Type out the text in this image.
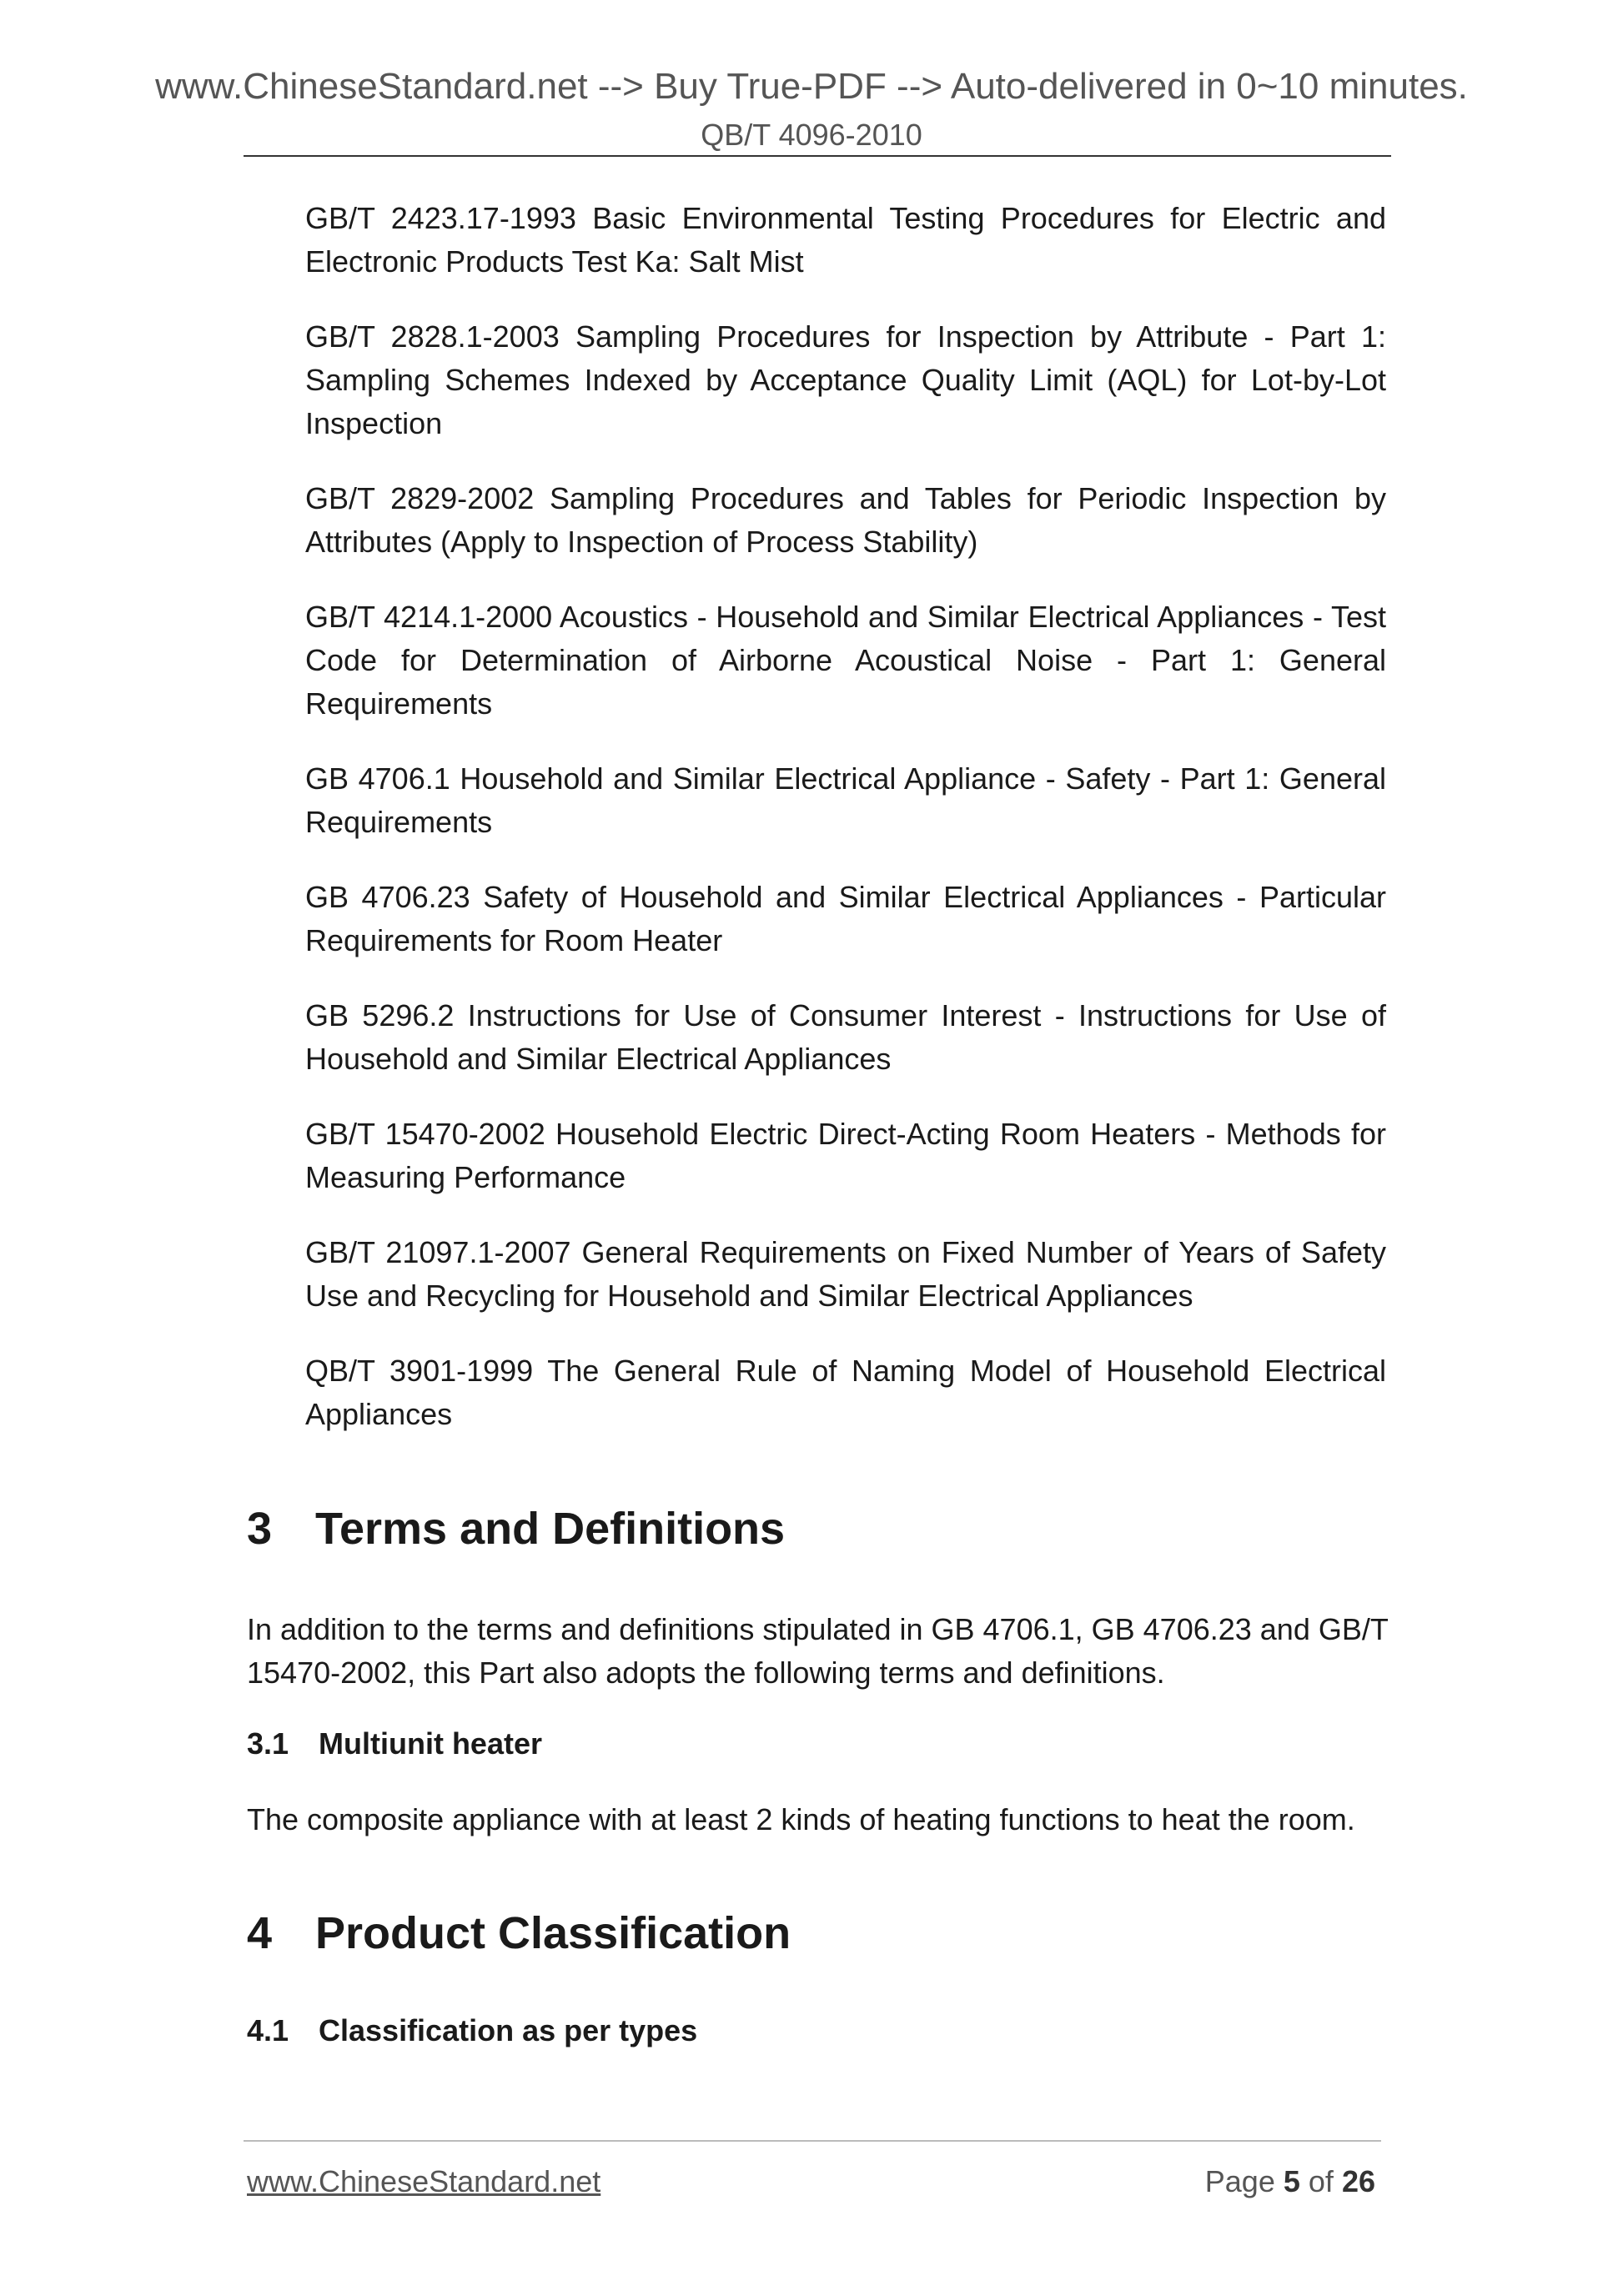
www.ChineseStandard.net --> Buy True-PDF --> Auto-delivered in 0~10 minutes.
QB/T 4096-2010

GB/T 2423.17-1993 Basic Environmental Testing Procedures for Electric and Electronic Products Test Ka: Salt Mist

GB/T 2828.1-2003 Sampling Procedures for Inspection by Attribute - Part 1: Sampling Schemes Indexed by Acceptance Quality Limit (AQL) for Lot-by-Lot Inspection

GB/T 2829-2002 Sampling Procedures and Tables for Periodic Inspection by Attributes (Apply to Inspection of Process Stability)

GB/T 4214.1-2000 Acoustics - Household and Similar Electrical Appliances - Test Code for Determination of Airborne Acoustical Noise - Part 1: General Requirements

GB 4706.1 Household and Similar Electrical Appliance - Safety - Part 1: General Requirements

GB 4706.23 Safety of Household and Similar Electrical Appliances - Particular Requirements for Room Heater

GB 5296.2 Instructions for Use of Consumer Interest - Instructions for Use of Household and Similar Electrical Appliances

GB/T 15470-2002 Household Electric Direct-Acting Room Heaters - Methods for Measuring Performance

GB/T 21097.1-2007 General Requirements on Fixed Number of Years of Safety Use and Recycling for Household and Similar Electrical Appliances

QB/T 3901-1999 The General Rule of Naming Model of Household Electrical Appliances

3 Terms and Definitions
In addition to the terms and definitions stipulated in GB 4706.1, GB 4706.23 and GB/T 15470-2002, this Part also adopts the following terms and definitions.
3.1 Multiunit heater
The composite appliance with at least 2 kinds of heating functions to heat the room.
4 Product Classification
4.1 Classification as per types
www.ChineseStandard.net	Page 5 of 26
